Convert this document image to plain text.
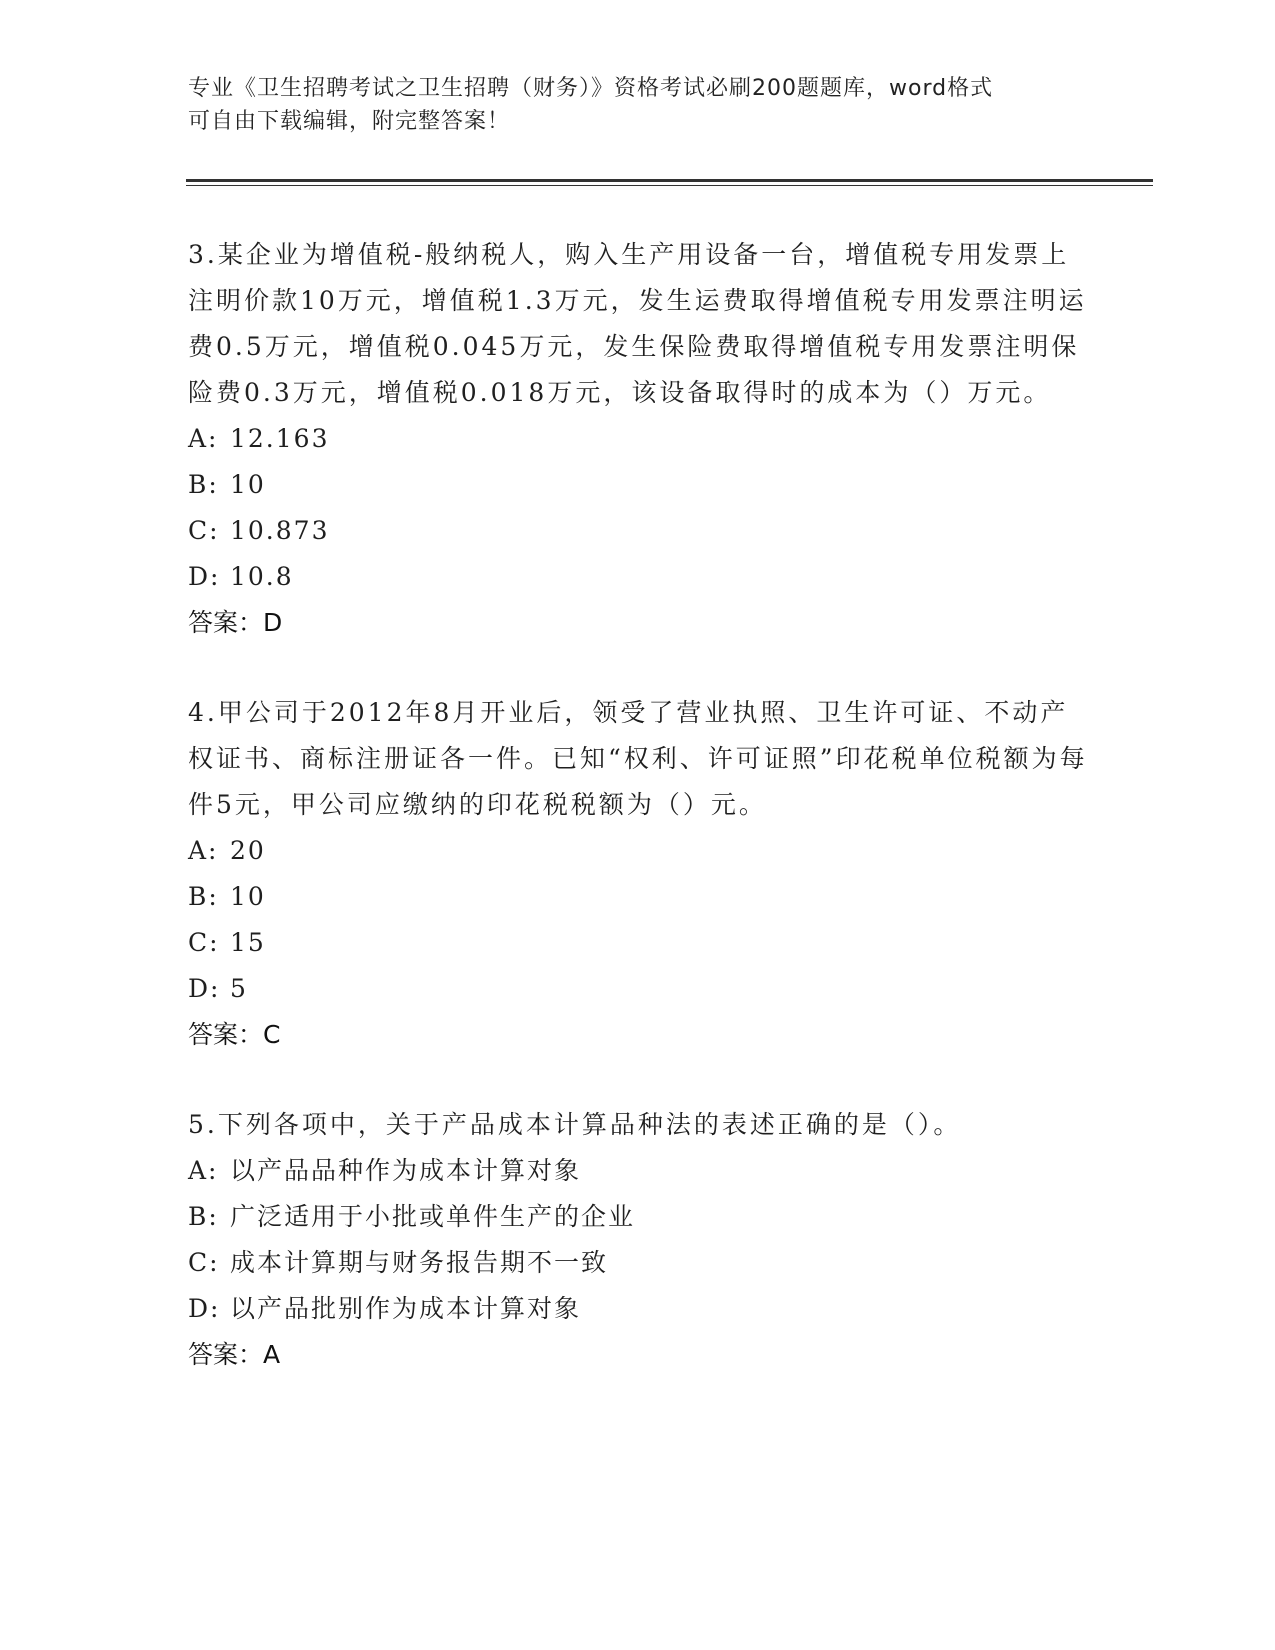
专业《卫生招聘考试之卫生招聘（财务）》资格考试必刷200题题库，word格式
可自由下载编辑，附完整答案！
3.某企业为增值税-般纳税人，购入生产用设备一台，增值税专用发票上注明价款10万元，增值税1.3万元，发生运费取得增值税专用发票注明运费0.5万元，增值税0.045万元，发生保险费取得增值税专用发票注明保险费0.3万元，增值税0.018万元，该设备取得时的成本为（）万元。
A: 12.163
B: 10
C: 10.873
D: 10.8
答案：D
4.甲公司于2012年8月开业后，领受了营业执照、卫生许可证、不动产权证书、商标注册证各一件。已知“权利、许可证照”印花税单位税额为每件5元，甲公司应缴纳的印花税税额为（）元。
A: 20
B: 10
C: 15
D: 5
答案：C
5.下列各项中，关于产品成本计算品种法的表述正确的是（）。
A: 以产品品种作为成本计算对象
B: 广泛适用于小批或单件生产的企业
C: 成本计算期与财务报告期不一致
D: 以产品批别作为成本计算对象
答案：A
